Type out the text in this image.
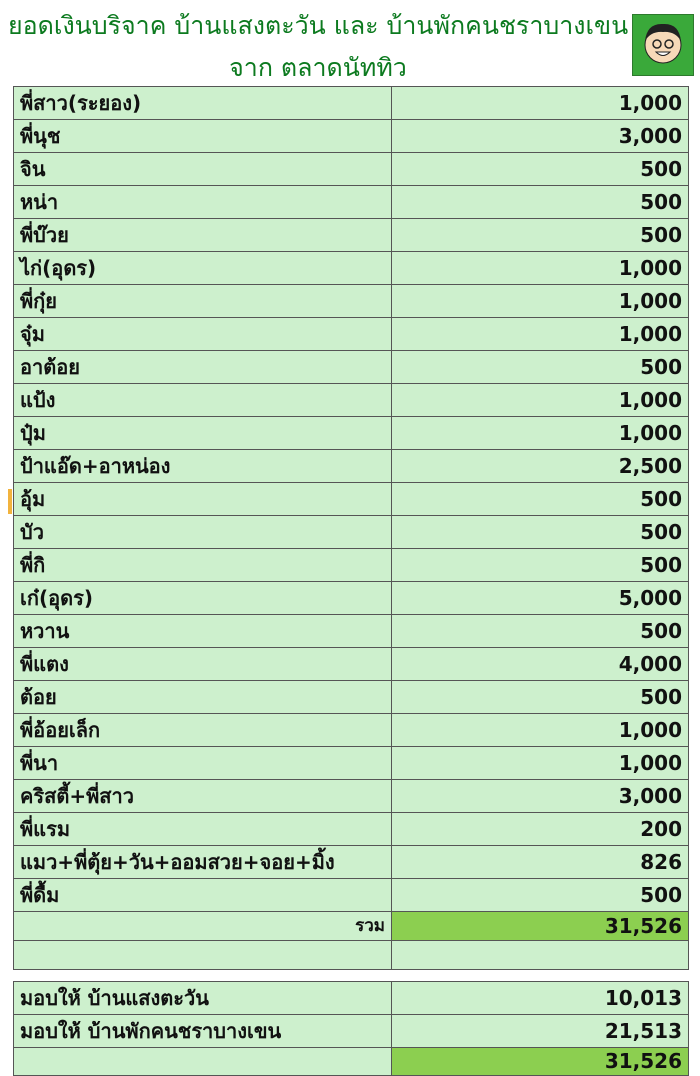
ยอดเงินบริจาค บ้านแสงตะวัน และ บ้านพักคนชราบางเขน
จาก ตลาดนัททิว
พี่สาว(ระยอง)	1,000
พี่นุช	3,000
จิน	500
หน่า	500
พี่บ๊วย	500
ไก่(อุดร)	1,000
พี่กุ๋ย	1,000
จุ๋ม	1,000
อาต้อย	500
แป้ง	1,000
ปุ๋ม	1,000
ป้าแอ๊ด+อาหน่อง	2,500
อุ้ม	500
บัว	500
พี่กิ	500
เก๋(อุดร)	5,000
หวาน	500
พี่แตง	4,000
ต้อย	500
พี่อ้อยเล็ก	1,000
พี่นา	1,000
คริสตี้+พี่สาว	3,000
พี่แรม	200
แมว+พี่ตุ้ย+วัน+ออมสวย+จอย+มิ้ง	826
พี่ดื้ม	500
รวม	31,526

มอบให้ บ้านแสงตะวัน	10,013
มอบให้ บ้านพักคนชราบางเขน	21,513
	31,526
